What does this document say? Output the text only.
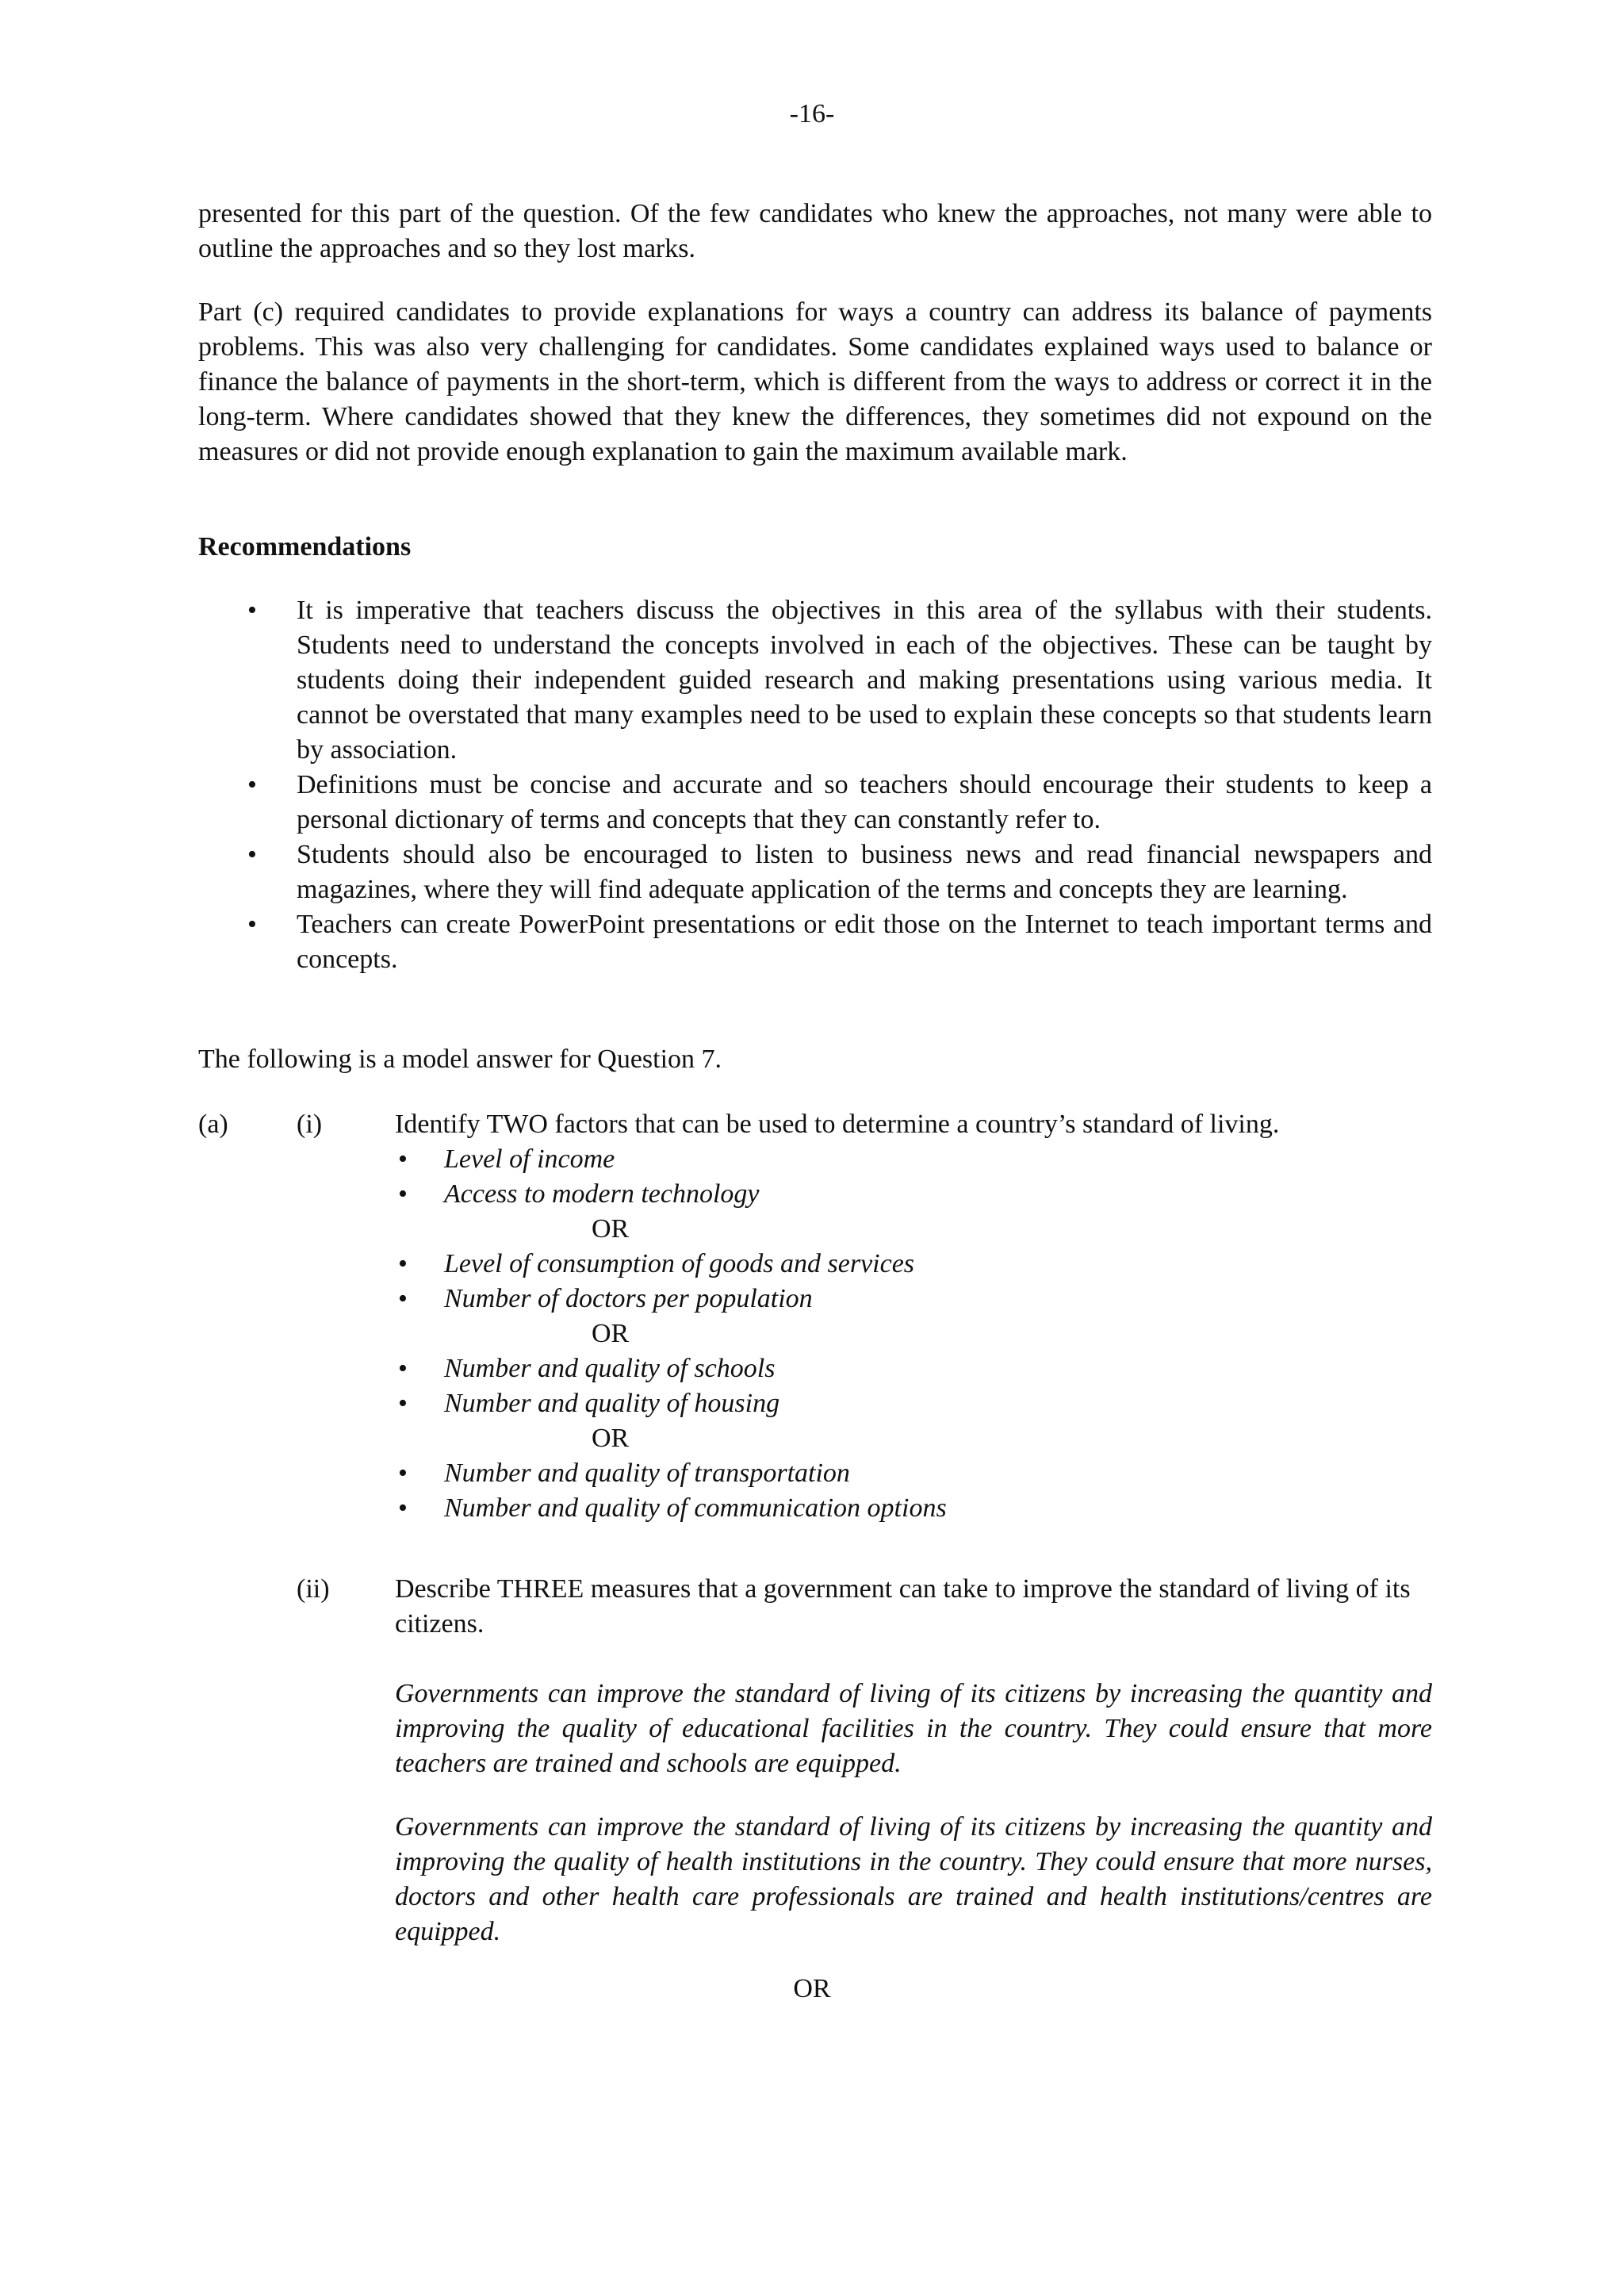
-16-

presented for this part of the question. Of the few candidates who knew the approaches, not many were able to outline the approaches and so they lost marks.

Part (c) required candidates to provide explanations for ways a country can address its balance of payments problems. This was also very challenging for candidates. Some candidates explained ways used to balance or finance the balance of payments in the short-term, which is different from the ways to address or correct it in the long-term. Where candidates showed that they knew the differences, they sometimes did not expound on the measures or did not provide enough explanation to gain the maximum available mark.

Recommendations

• It is imperative that teachers discuss the objectives in this area of the syllabus with their students. Students need to understand the concepts involved in each of the objectives. These can be taught by students doing their independent guided research and making presentations using various media. It cannot be overstated that many examples need to be used to explain these concepts so that students learn by association.
• Definitions must be concise and accurate and so teachers should encourage their students to keep a personal dictionary of terms and concepts that they can constantly refer to.
• Students should also be encouraged to listen to business news and read financial newspapers and magazines, where they will find adequate application of the terms and concepts they are learning.
• Teachers can create PowerPoint presentations or edit those on the Internet to teach important terms and concepts.

The following is a model answer for Question 7.

(a)	(i)	Identify TWO factors that can be used to determine a country’s standard of living.

• Level of income
• Access to modern technology
OR
• Level of consumption of goods and services
• Number of doctors per population
OR
• Number and quality of schools
• Number and quality of housing
OR
• Number and quality of transportation
• Number and quality of communication options
(ii) Describe THREE measures that a government can take to improve the standard of living of its citizens.

Governments can improve the standard of living of its citizens by increasing the quantity and improving the quality of educational facilities in the country. They could ensure that more teachers are trained and schools are equipped.

Governments can improve the standard of living of its citizens by increasing the quantity and improving the quality of health institutions in the country. They could ensure that more nurses, doctors and other health care professionals are trained and health institutions/centres are equipped.

OR
